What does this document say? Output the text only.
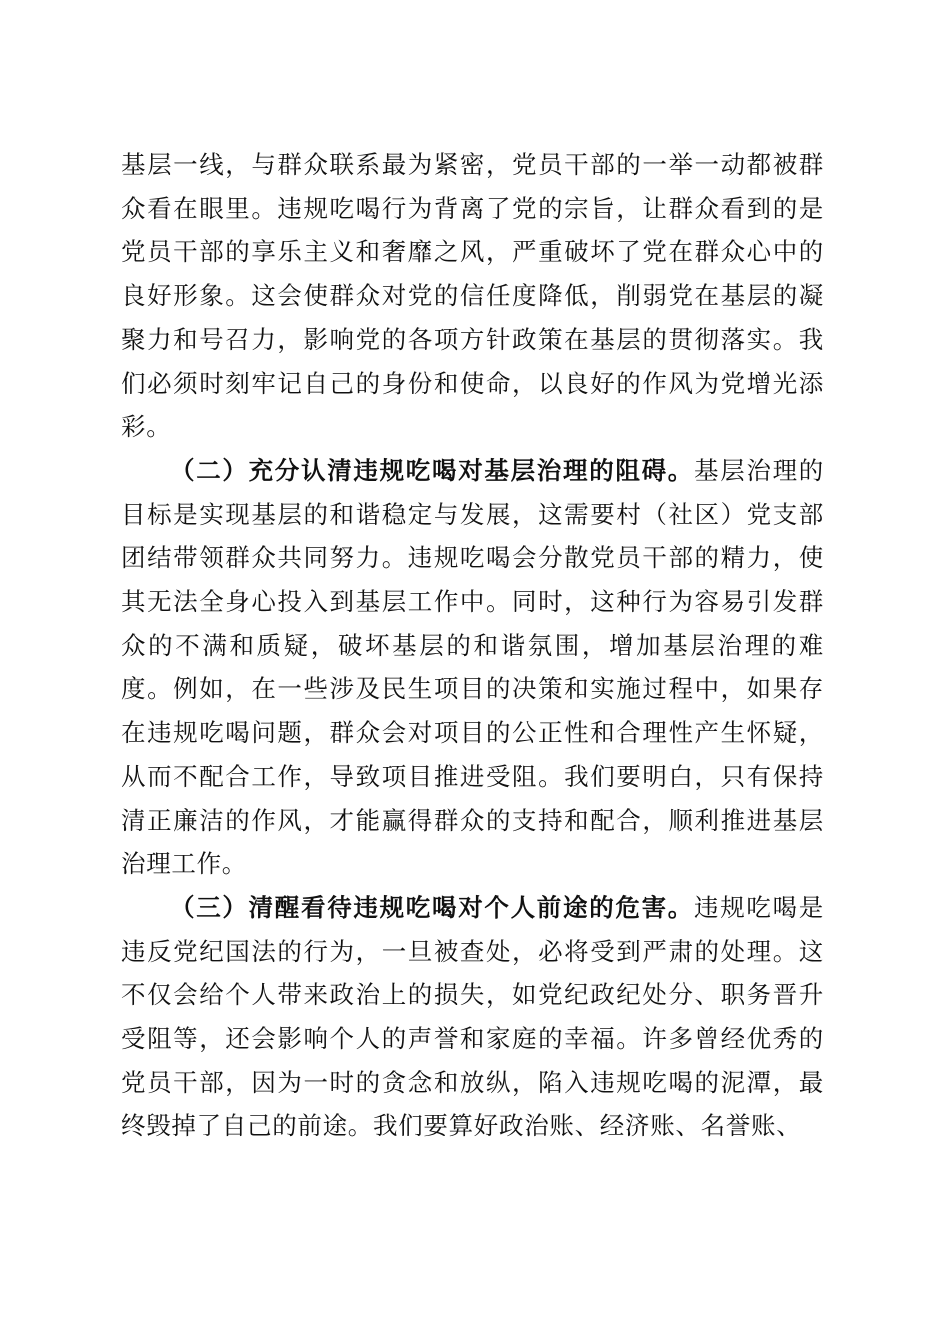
基层一线，与群众联系最为紧密，党员干部的一举一动都被群众看在眼里。违规吃喝行为背离了党的宗旨，让群众看到的是党员干部的享乐主义和奢靡之风，严重破坏了党在群众心中的良好形象。这会使群众对党的信任度降低，削弱党在基层的凝聚力和号召力，影响党的各项方针政策在基层的贯彻落实。我们必须时刻牢记自己的身份和使命，以良好的作风为党增光添彩。

（二）充分认清违规吃喝对基层治理的阻碍。基层治理的目标是实现基层的和谐稳定与发展，这需要村（社区）党支部团结带领群众共同努力。违规吃喝会分散党员干部的精力，使其无法全身心投入到基层工作中。同时，这种行为容易引发群众的不满和质疑，破坏基层的和谐氛围，增加基层治理的难度。例如，在一些涉及民生项目的决策和实施过程中，如果存在违规吃喝问题，群众会对项目的公正性和合理性产生怀疑，从而不配合工作，导致项目推进受阻。我们要明白，只有保持清正廉洁的作风，才能赢得群众的支持和配合，顺利推进基层治理工作。

（三）清醒看待违规吃喝对个人前途的危害。违规吃喝是违反党纪国法的行为，一旦被查处，必将受到严肃的处理。这不仅会给个人带来政治上的损失，如党纪政纪处分、职务晋升受阻等，还会影响个人的声誉和家庭的幸福。许多曾经优秀的党员干部，因为一时的贪念和放纵，陷入违规吃喝的泥潭，最终毁掉了自己的前途。我们要算好政治账、经济账、名誉账、
